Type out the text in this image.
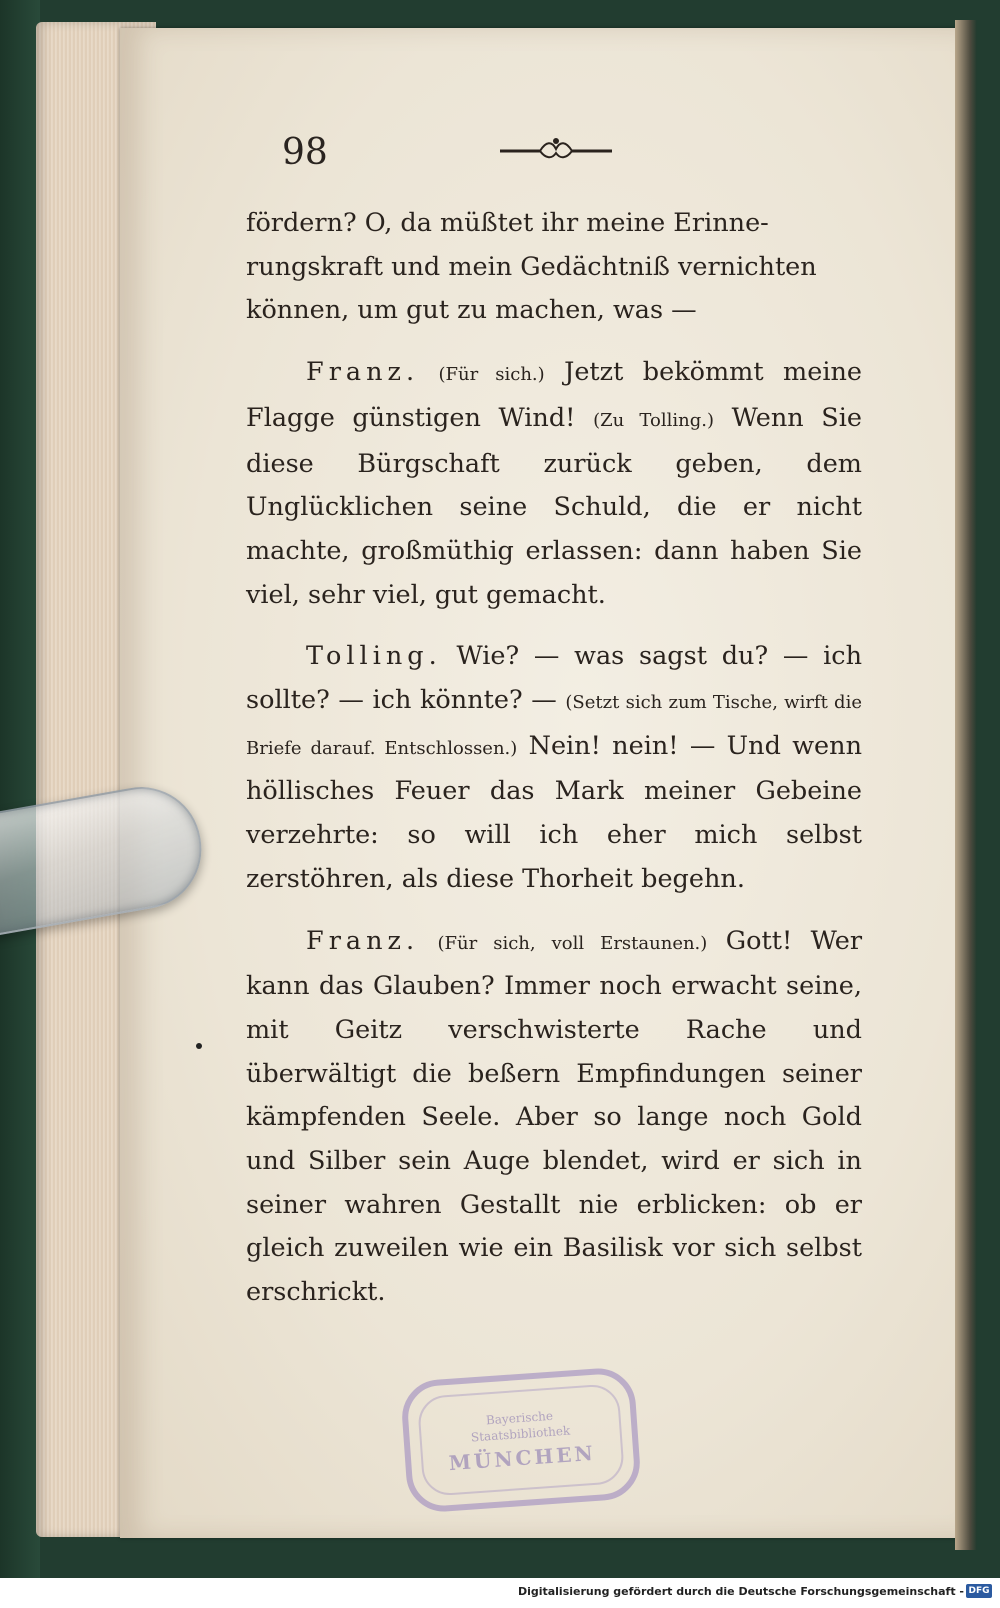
98

fördern? O, da müßtet ihr meine Erinne-
rungskraft und mein Gedächtniß vernichten
können, um gut zu machen, was —

Franz. (Für sich.) Jetzt bekömmt meine Flagge günstigen Wind! (Zu Tolling.) Wenn Sie diese Bürgschaft zurück geben, dem Unglücklichen seine Schuld, die er nicht machte, großmüthig erlassen: dann haben Sie viel, sehr viel, gut gemacht.

Tolling. Wie? — was sagst du? — ich sollte? — ich könnte? — (Setzt sich zum Tische, wirft die Briefe darauf. Entschlossen.) Nein! nein! — Und wenn höllisches Feuer das Mark meiner Gebeine verzehrte: so will ich eher mich selbst zerstöhren, als diese Thorheit begehn.

Franz. (Für sich, voll Erstaunen.) Gott! Wer kann das Glauben? Immer noch erwacht seine, mit Geitz verschwisterte Rache und überwältigt die beßern Empfindungen seiner kämpfenden Seele. Aber so lange noch Gold und Silber sein Auge blendet, wird er sich in seiner wahren Gestallt nie erblicken: ob er gleich zuweilen wie ein Basilisk vor sich selbst erschrickt.

Bayerische
Staatsbibliothek
MÜNCHEN
Digitalisierung gefördert durch die Deutsche Forschungsgemeinschaft - DFG
